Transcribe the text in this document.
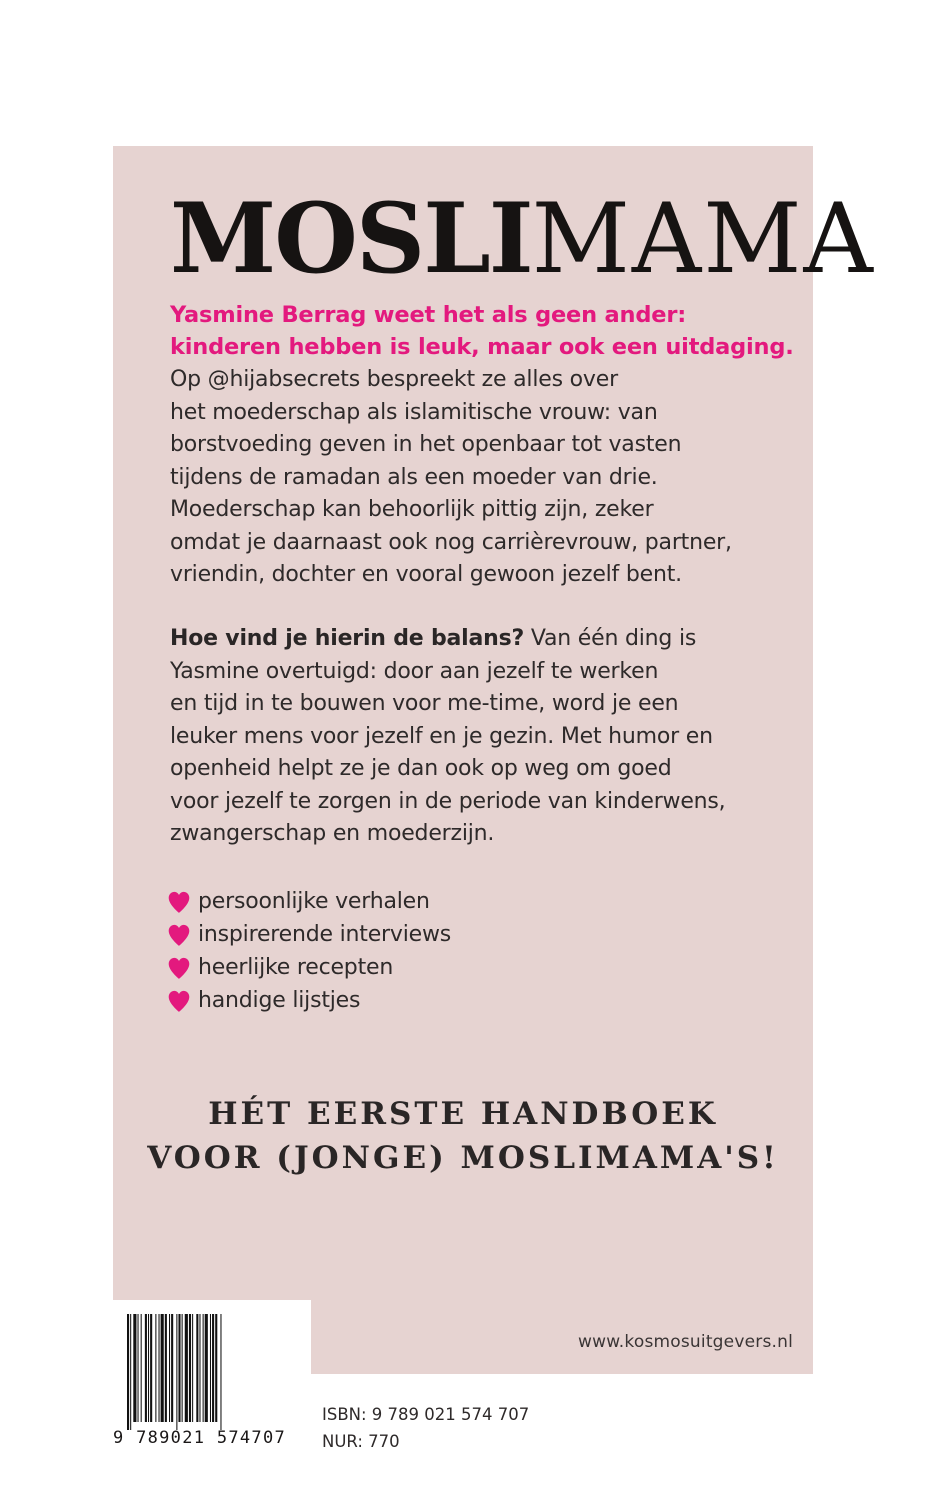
MOSLIMAMA
Yasmine Berrag weet het als geen ander:
kinderen hebben is leuk, maar ook een uitdaging.
Op @hijabsecrets bespreekt ze alles over
het moederschap als islamitische vrouw: van
borstvoeding geven in het openbaar tot vasten
tijdens de ramadan als een moeder van drie.
Moederschap kan behoorlijk pittig zijn, zeker
omdat je daarnaast ook nog carrièrevrouw, partner,
vriendin, dochter en vooral gewoon jezelf bent.
Hoe vind je hierin de balans? Van één ding is
Yasmine overtuigd: door aan jezelf te werken
en tijd in te bouwen voor me-time, word je een
leuker mens voor jezelf en je gezin. Met humor en
openheid helpt ze je dan ook op weg om goed
voor jezelf te zorgen in de periode van kinderwens,
zwangerschap en moederzijn.
persoonlijke verhalen
inspirerende interviews
heerlijke recepten
handige lijstjes
HÉT EERSTE HANDBOEK
VOOR (JONGE) MOSLIMAMA'S!
www.kosmosuitgevers.nl
9 789021 574707
ISBN: 9 789 021 574 707
NUR: 770
